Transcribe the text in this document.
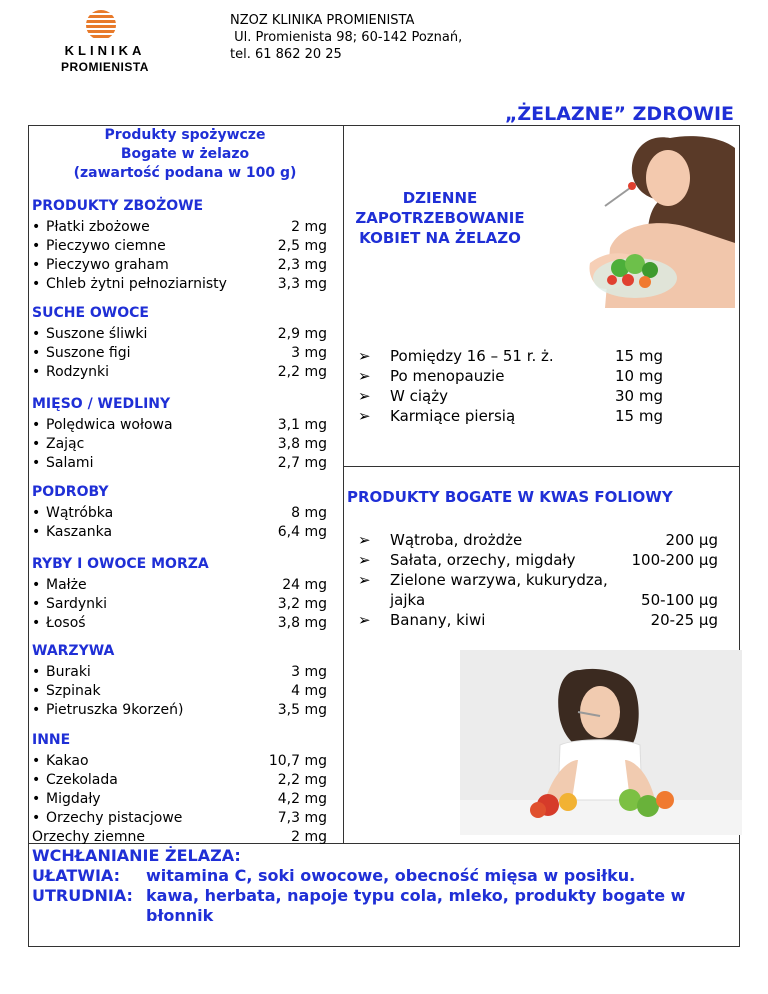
KLINIKA
PROMIENISTA
NZOZ KLINIKA PROMIENISTA
Ul. Promienista 98; 60-142 Poznań,
tel. 61 862 20 25
„ŻELAZNE” ZDROWIE
Produkty spożywcze
Bogate w żelazo
(zawartość podana w 100 g)
PRODUKTY ZBOŻOWE
• Płatki zbożowe	2 mg
• Pieczywo ciemne	2,5 mg
• Pieczywo graham	2,3 mg
• Chleb żytni pełnoziarnisty	3,3 mg
SUCHE OWOCE
• Suszone śliwki	2,9 mg
• Suszone figi	3 mg
• Rodzynki	2,2 mg
MIĘSO / WEDLINY
• Polędwica wołowa	3,1 mg
• Zając	3,8 mg
• Salami	2,7 mg
PODROBY
• Wątróbka	8 mg
• Kaszanka	6,4 mg
RYBY I OWOCE MORZA
• Małże	24 mg
• Sardynki	3,2 mg
• Łosoś	3,8 mg
WARZYWA
• Buraki	3 mg
• Szpinak	4 mg
• Pietruszka 9korzeń)	3,5 mg
INNE
• Kakao	10,7 mg
• Czekolada	2,2 mg
• Migdały	4,2 mg
• Orzechy pistacjowe	7,3 mg
Orzechy ziemne	2 mg
DZIENNE
ZAPOTRZEBOWANIE
KOBIET NA ŻELAZO
➢ Pomiędzy 16 – 51 r. ż.	15 mg
➢ Po menopauzie	10 mg
➢ W ciąży	30 mg
➢ Karmiące piersią	15 mg
PRODUKTY BOGATE W KWAS FOLIOWY
➢ Wątroba, drożdże	200 μg
➢ Sałata, orzechy, migdały	100-200 μg
➢ Zielone warzywa, kukurydza,
jajka	50-100 μg
➢ Banany, kiwi	20-25 μg
WCHŁANIANIE ŻELAZA:
UŁATWIA: witamina C, soki owocowe, obecność mięsa w posiłku.
UTRUDNIA: kawa, herbata, napoje typu cola, mleko, produkty bogate w
błonnik
